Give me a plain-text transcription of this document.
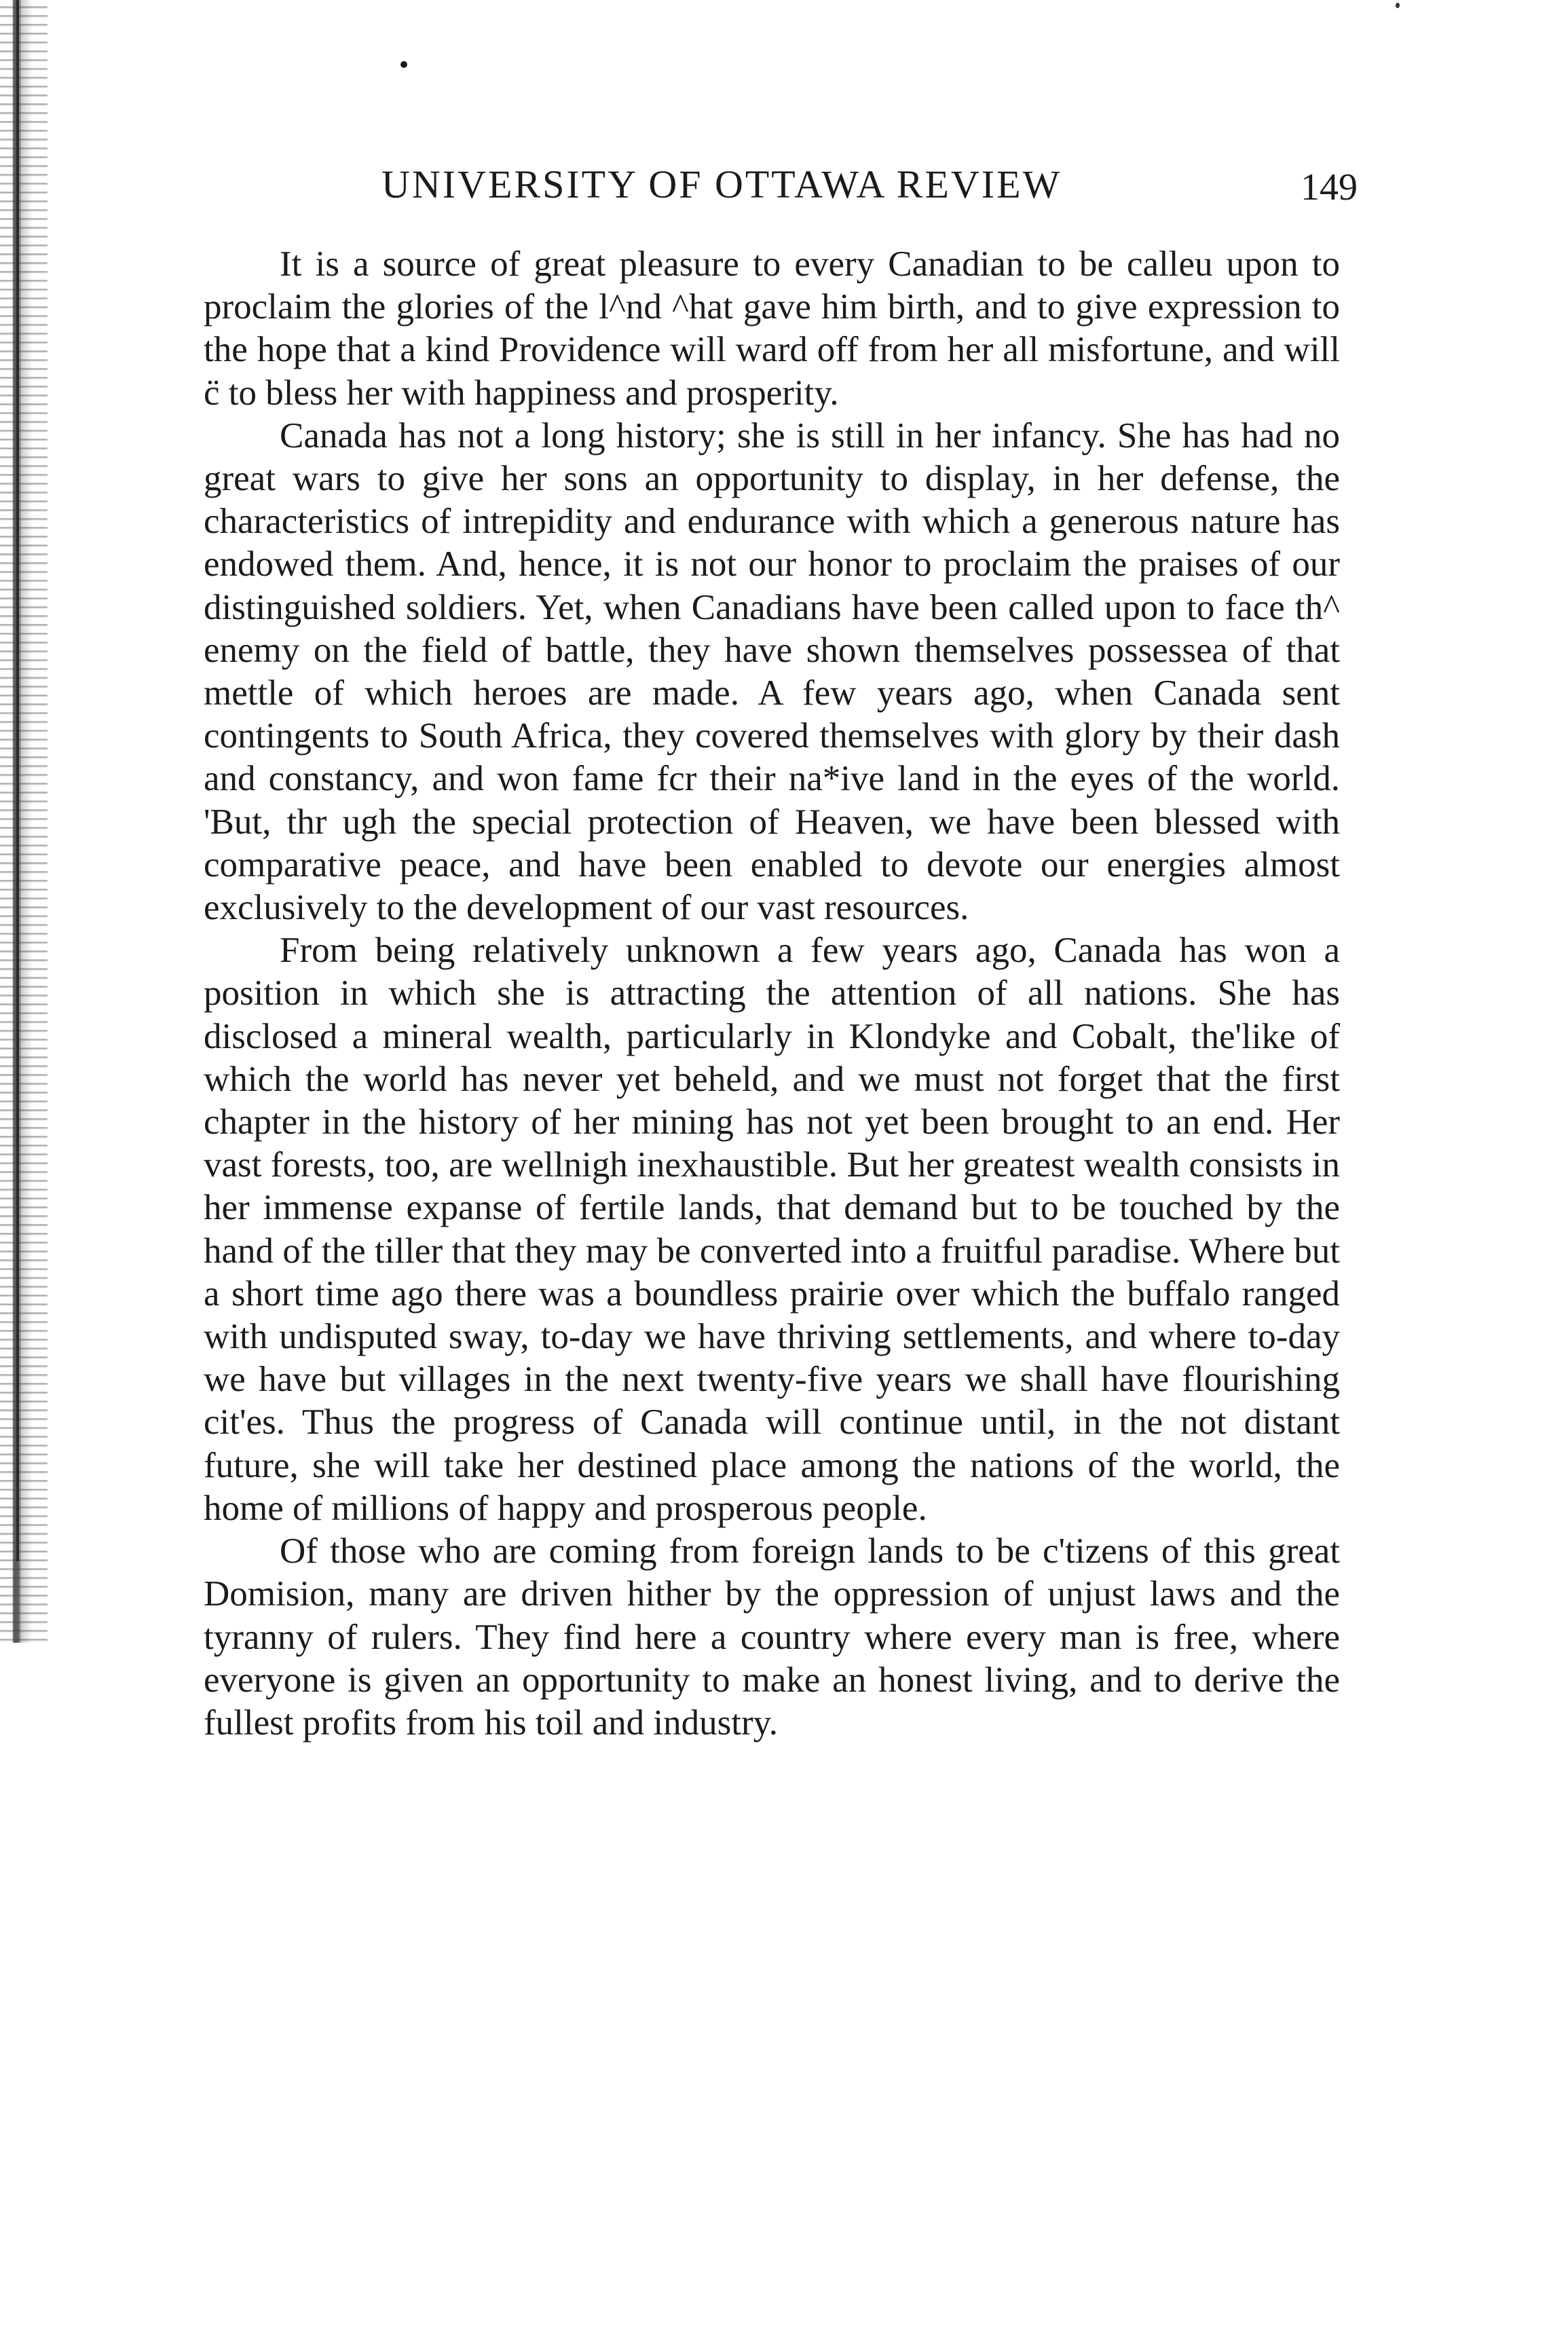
UNIVERSITY OF OTTAWA REVIEW	149

It is a source of great pleasure to every Canadian to be calleu upon to proclaim the glories of the l^nd ^hat gave him birth, and to give expression to the hope that a kind Providence will ward off from her all misfortune, and will c̈̈ to bless her with happiness and prosperity.

Canada has not a long history; she is still in her infancy. She has had no great wars to give her sons an opportunity to display, in her defense, the characteristics of intrepidity and endurance with which a generous nature has endowed them. And, hence, it is not our honor to proclaim the praises of our distinguished soldiers. Yet, when Canadians have been called upon to face th^ enemy on the field of battle, they have shown themselves possessea of that mettle of which heroes are made. A few years ago, when Canada sent contingents to South Africa, they covered themselves with glory by their dash and constancy, and won fame fcr their na*ive land in the eyes of the world. 'But, thr ugh the special protection of Heaven, we have been blessed with comparative peace, and have been enabled to devote our energies almost exclusively to the development of our vast resources.

From being relatively unknown a few years ago, Canada has won a position in which she is attracting the attention of all nations. She has disclosed a mineral wealth, particularly in Klondyke and Cobalt, the'like of which the world has never yet beheld, and we must not forget that the first chapter in the history of her mining has not yet been brought to an end. Her vast forests, too, are wellnigh inexhaustible. But her greatest wealth consists in her immense expanse of fertile lands, that demand but to be touched by the hand of the tiller that they may be converted into a fruitful paradise. Where but a short time ago there was a boundless prairie over which the buffalo ranged with undisputed sway, to-day we have thriving settlements, and where to-day we have but villages in the next twenty-five years we shall have flourishing cit'es. Thus the progress of Canada will continue until, in the not distant future, she will take her destined place among the nations of the world, the home of millions of happy and prosperous people.

Of those who are coming from foreign lands to be c'tizens of this great Domision, many are driven hither by the oppression of unjust laws and the tyranny of rulers. They find here a country where every man is free, where everyone is given an opportunity to make an honest living, and to derive the fullest profits from his toil and industry.
